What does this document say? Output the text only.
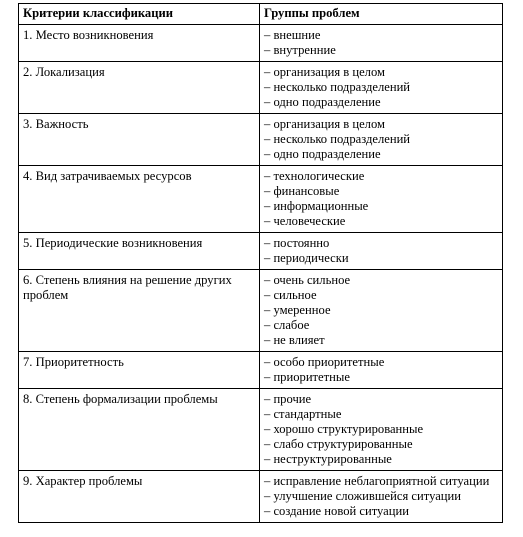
Критерии классификации	Группы проблем
1. Место возникновения	– внешние
– внутренние

2. Локализация	– организация в целом
– несколько подразделений
– одно подразделение

3. Важность	– организация в целом
– несколько подразделений
– одно подразделение

4. Вид затрачиваемых ресурсов	– технологические
– финансовые
– информационные
– человеческие

5. Периодические возникновения	– постоянно
– периодически

6. Степень влияния на решение других проблем	– очень сильное
– сильное
– умеренное
– слабое
– не влияет

7. Приоритетность	– особо приоритетные
– приоритетные

8. Степень формализации проблемы	– прочие
– стандартные
– хорошо структурированные
– слабо структурированные
– неструктурированные

9. Характер проблемы	– исправление неблагоприятной ситуации
– улучшение сложившейся ситуации
– создание новой ситуации
